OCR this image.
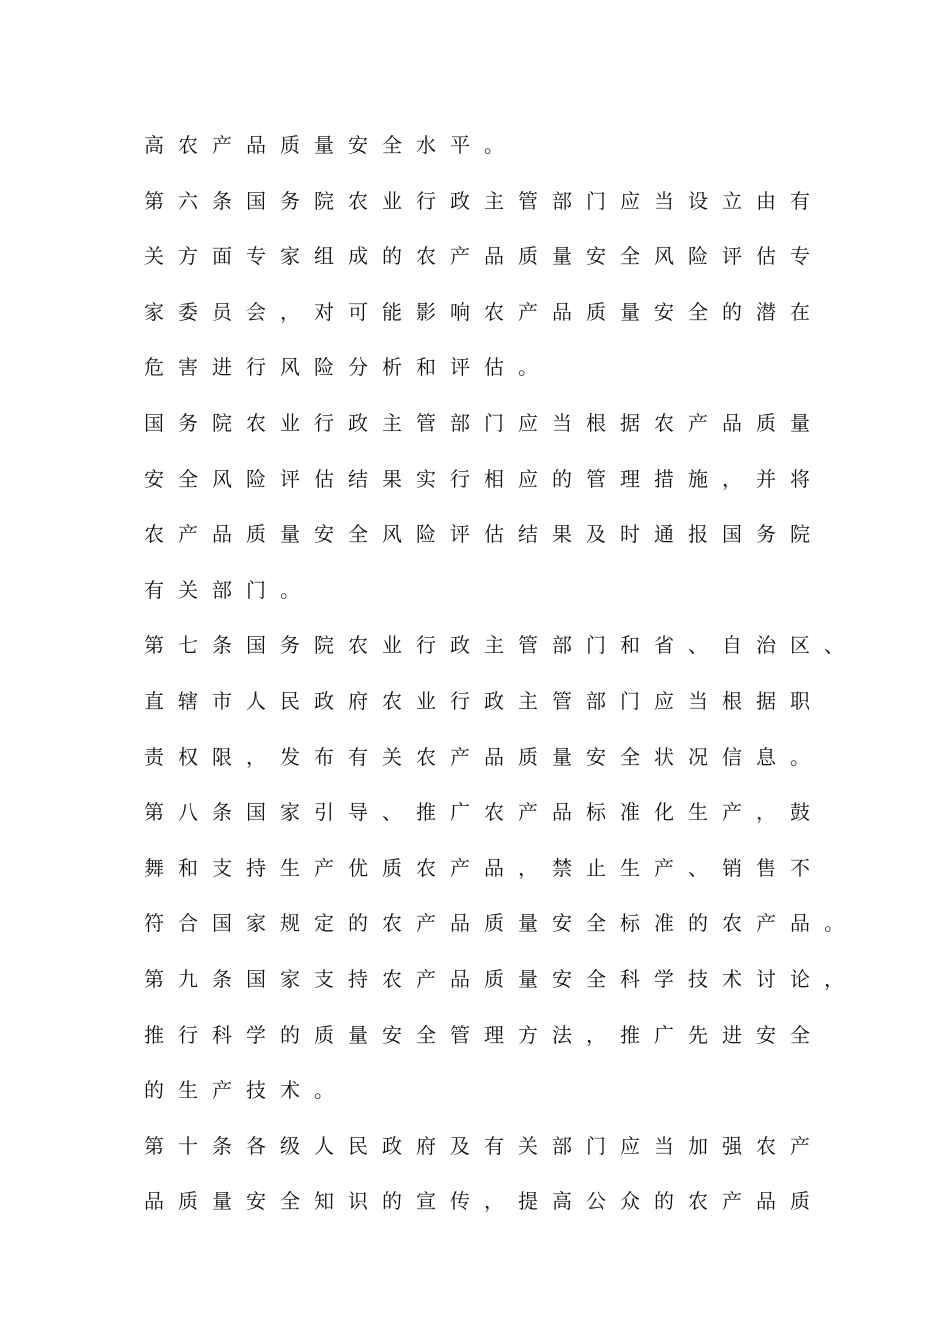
高农产品质量安全水平。
第六条国务院农业行政主管部门应当设立由有
关方面专家组成的农产品质量安全风险评估专
家委员会，对可能影响农产品质量安全的潜在
危害进行风险分析和评估。
国务院农业行政主管部门应当根据农产品质量
安全风险评估结果实行相应的管理措施，并将
农产品质量安全风险评估结果及时通报国务院
有关部门。
第七条国务院农业行政主管部门和省、自治区、
直辖市人民政府农业行政主管部门应当根据职
责权限，发布有关农产品质量安全状况信息。
第八条国家引导、推广农产品标准化生产，鼓
舞和支持生产优质农产品，禁止生产、销售不
符合国家规定的农产品质量安全标准的农产品。
第九条国家支持农产品质量安全科学技术讨论，
推行科学的质量安全管理方法，推广先进安全
的生产技术。
第十条各级人民政府及有关部门应当加强农产
品质量安全知识的宣传，提高公众的农产品质
